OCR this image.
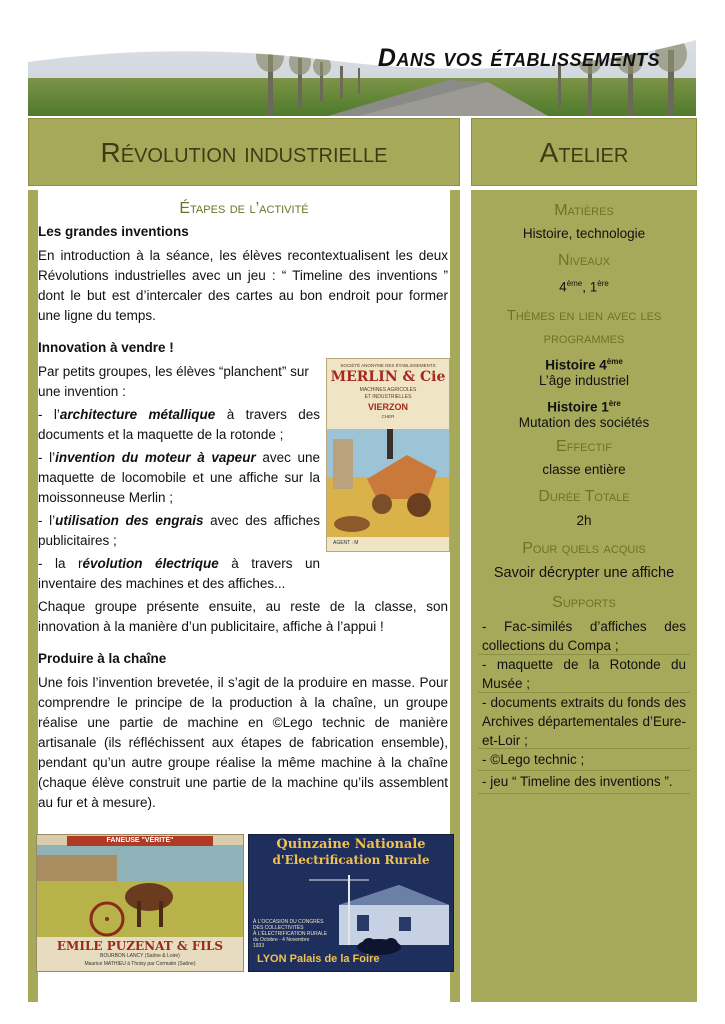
Dans vos établissements
Révolution industrielle	Atelier
Étapes de l’activité
Les grandes inventions
En introduction à la séance, les élèves recontextualisent les deux Révolutions industrielles avec un jeu : “ Timeline des inventions ” dont le but est d’intercaler des cartes au bon endroit pour former une ligne du temps.
Innovation à vendre !
Par petits groupes, les élèves “planchent” sur une invention :
- l’architecture métallique à travers des documents et la maquette de la rotonde ;
- l’invention du moteur à vapeur avec une maquette de locomobile et une affiche sur la moissonneuse Merlin ;
- l’utilisation des engrais avec des affiches publicitaires ;
- la révolution électrique à travers un inventaire des machines et des affiches...
SOCIÉTÉ ANONYME DES ÉTABLISSEMENTS
MERLIN & Cie
MACHINES AGRICOLES
ET INDUSTRIELLES
VIERZON
CHER
AGENT : M
Chaque groupe présente ensuite, au reste de la classe, son innovation à la manière d’un publicitaire, affiche à l’appui !
Produire à la chaîne
Une fois l’invention brevetée, il s’agit de la produire en masse. Pour comprendre le principe de la production à la chaîne, un groupe réalise une partie de machine en ©Lego technic de manière artisanale (ils réfléchissent aux étapes de fabrication ensemble), pendant qu’un autre groupe réalise la même machine à la chaîne (chaque élève construit une partie de la machine qu’ils assemblent au fur et à mesure).
FANEUSE "VÉRITÉ"
EMILE PUZENAT & FILS
BOURBON LANCY (Saône & Loire)
Maurice MATHIEU à Thoisy par Cormatin (Saône)
Quinzaine Nationale
d'Electrification Rurale
À L'OCCASION DU CONGRÈS
DES COLLECTIVITÉS
À L'ÉLECTRIFICATION RURALE
du Octobre - 4 Novembre
1933
LYON Palais de la Foire
Matières
Histoire, technologie
Niveaux
4ème, 1ère
Thèmes en lien avec les programmes
Histoire 4ème
L’âge industriel
Histoire 1ère
Mutation des sociétés
Effectif
classe entière
Durée Totale
2h
Pour quels acquis
Savoir décrypter une affiche
Supports
- Fac-similés d’affiches des collections du Compa ;
- maquette de la Rotonde du Musée ;
- documents extraits du fonds des Archives départementales d’Eure-et-Loir ;
- ©Lego technic ;
- jeu “ Timeline des inventions ”.
